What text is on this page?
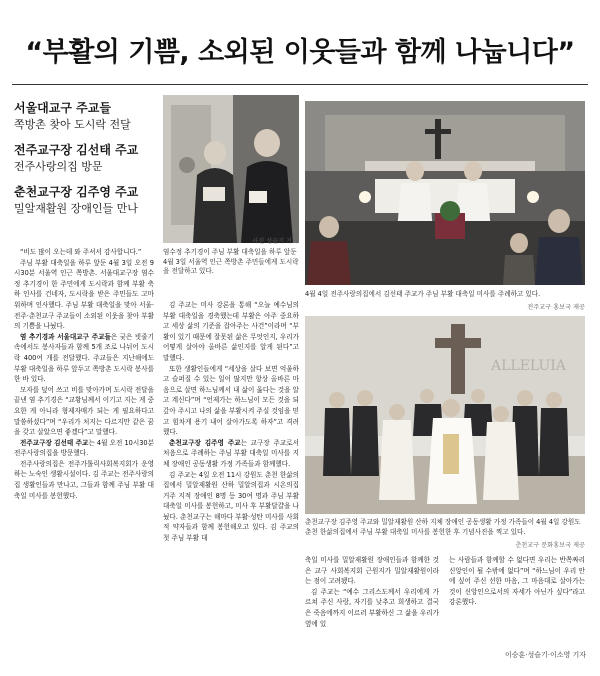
“부활의 기쁨, 소외된 이웃들과 함께 나눕니다”
서울대교구 주교들
쪽방촌 찾아 도시락 전달
전주교구장 김선태 주교
전주사랑의집 방문
춘천교구장 김주영 주교
밀알재활원 장애인들 만나
염수정 추기경이 주님 부활 대축일을 하루 앞둔 4월 3일 서울역 인근 쪽방촌 주민들에게 도시락을 전달하고 있다.
4월 4일 전주사랑의집에서 김선태 주교가 주님 부활 대축일 미사를 주례하고 있다.
전주교구 홍보국 제공
ALLELUIA
춘천교구장 김주영 주교와 밀알재활원 산하 지체 장애인 공동생활 가정 가족들이 4월 4일 강원도 춘천 한삶의집에서 주님 부활 대축일 미사를 봉헌한 후 기념사진을 찍고 있다.
춘천교구 문화홍보국 제공
사진 성슬기 기자

“비도 많이 오는데 와 주셔서 감사합니다.”

주님 부활 대축일을 하루 앞둔 4월 3일 오전 9시30분 서울역 인근 쪽방촌. 서울대교구장 염수정 추기경이 한 주민에게 도시락과 함께 부활 축하 인사를 건네자, 도시락을 받은 주민들도 고마워하며 인사했다. 주님 부활 대축일을 맞아 서울·전주·춘천교구 주교들이 소외된 이웃을 찾아 부활의 기쁨을 나눴다.

염 추기경과 서울대교구 주교들은 궂은 빗줄기 속에서도 봉사자들과 함께 5개 조로 나뉘어 도시락 400여 개를 전달했다. 주교들은 지난해에도 부활 대축일을 하루 앞두고 쪽방촌 도시락 봉사를 한 바 있다.

모자를 덮어 쓰고 비를 맞아가며 도시락 전달을 끝낸 염 추기경은 “교황님께서 이기고 지는 게 중요한 게 아니라 형제자매가 되는 게 필요하다고 말씀하셨다”며 “우리가 처지는 다르지만 같은 꿈을 갖고 살았으면 좋겠다”고 말했다.

전주교구장 김선태 주교는 4월 오전 10시30분 전주사랑의집을 방문했다.

전주사랑의집은 전주가톨릭사회복지회가 운영하는 노숙인 생활시설이다. 김 주교는 전주사랑의집 생활인들과 만나고, 그들과 함께 주님 부활 대축일 미사를 봉헌했다.

김 주교는 미사 강론을 통해 “오늘 예수님의 부활 대축일을 경축했는데 부활은 아주 중요하고 세상 삶의 기준을 잡아주는 사건”이라며 “부활이 있기 때문에 잘못된 삶은 무엇인지, 우리가 어떻게 살아야 올바른 삶인지를 알게 된다”고 말했다.

또한 생활인들에게 “세상을 살다 보면 억울하고 슬퍼질 수 있는 일이 많지만 항상 올바른 마음으로 살면 하느님께서 내 삶이 옳다는 것을 알고 계신다”며 “언제가는 하느님이 모든 것을 되갚아 주시고 나의 삶을 부활시켜 주실 것임을 믿고 힘차게 용기 내어 살아가도록 하자”고 격려했다.

춘천교구장 김주영 주교는 교구장 주교로서 처음으로 주례하는 주님 부활 대축일 미사를 지체 장애인 공동생활 가정 가족들과 함께했다.

김 주교는 4일 오전 11시 강원도 춘천 한삶의집에서 밀알재활원 산하 밀알의집과 시온의집 거주 지적 장애인 8명 등 30여 명과 주님 부활 대축일 미사를 봉헌하고, 미사 후 부활달걀을 나눴다. 춘천교구는 해마다 부활·성탄 미사를 사회적 약자들과 함께 봉헌해오고 있다. 김 주교의 첫 주님 부활 대

축일 미사를 밀알재활원 장애인들과 함께한 것은 교구 사회복지회 근원지가 밀알재활원이라는 점이 고려됐다.

김 주교는 “예수 그리스도께서 우리에게 가르쳐 주신 사랑, 자기를 낮추고 희생하고 결국은 죽음에까지 이르러 부활하신 그 삶을 우리가 옆에 있

는 사람들과 함께할 수 없다면 우리는 반쪽짜리 신앙인이 될 수밖에 없다”며 “하느님이 우리 안에 싶어 주신 선한 마음, 그 마음대로 살아가는 것이 신앙인으로서의 자세가 아닌가 싶다”라고 강론했다.

이승훈·성슬기·이소영 기자
